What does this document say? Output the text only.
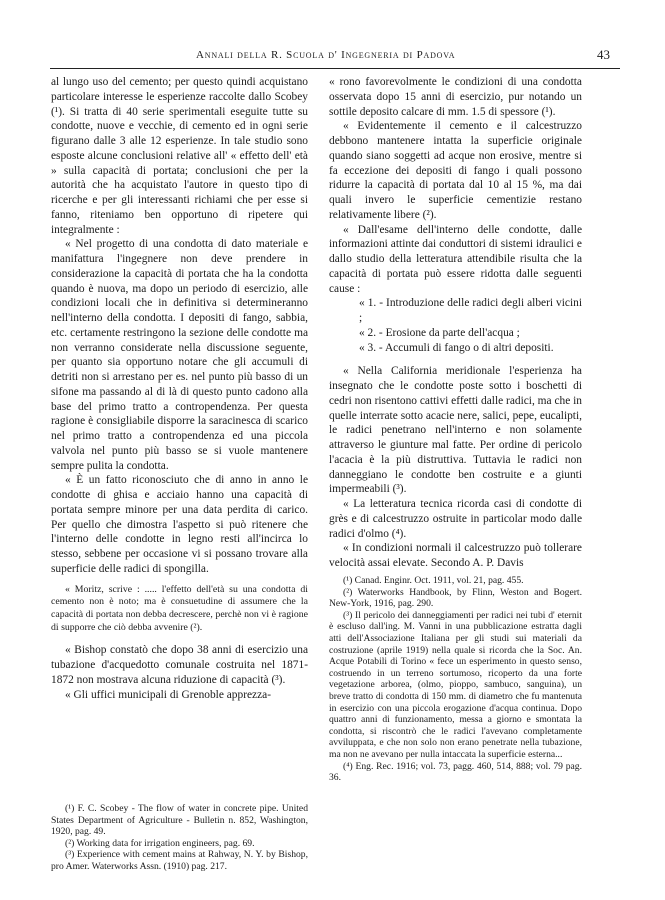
Annali della R. Scuola d' Ingegneria di Padova	43

al lungo uso del cemento; per questo quindi acquistano particolare interesse le esperienze raccolte dallo Scobey (¹). Si tratta di 40 serie sperimentali eseguite tutte su condotte, nuove e vecchie, di cemento ed in ogni serie figurano dalle 3 alle 12 esperienze. In tale studio sono esposte alcune conclusioni relative all' « effetto dell' età » sulla capacità di portata; conclusioni che per la autorità che ha acquistato l'autore in questo tipo di ricerche e per gli interessanti richiami che per esse si fanno, riteniamo ben opportuno di ripetere qui integralmente :

« Nel progetto di una condotta di dato materiale e manifattura l'ingegnere non deve prendere in considerazione la capacità di portata che ha la condotta quando è nuova, ma dopo un periodo di esercizio, alle condizioni locali che in definitiva si determineranno nell'interno della condotta. I depositi di fango, sabbia, etc. certamente restringono la sezione delle condotte ma non verranno considerate nella discussione seguente, per quanto sia opportuno notare che gli accumuli di detriti non si arrestano per es. nel punto più basso di un sifone ma passando al di là di questo punto cadono alla base del primo tratto a contropendenza. Per questa ragione è consigliabile disporre la saracinesca di scarico nel primo tratto a contropendenza ed una piccola valvola nel punto più basso se si vuole mantenere sempre pulita la condotta.

« È un fatto riconosciuto che di anno in anno le condotte di ghisa e acciaio hanno una capacità di portata sempre minore per una data perdita di carico. Per quello che dimostra l'aspetto si può ritenere che l'interno delle condotte in legno resti all'incirca lo stesso, sebbene per occasione vi si possano trovare alla superficie delle radici di spongilla.

« Moritz, scrive : ..... l'effetto dell'età su una condotta di cemento non è noto; ma è consuetudine di assumere che la capacità di portata non debba decrescere, perchè non vi è ragione di supporre che ciò debba avvenire (²).

« Bishop constatò che dopo 38 anni di esercizio una tubazione d'acquedotto comunale costruita nel 1871-1872 non mostrava alcuna riduzione di capacità (³).

« Gli uffici municipali di Grenoble apprezza-

(¹) F. C. Scobey - The flow of water in concrete pipe. United States Department of Agriculture - Bulletin n. 852, Washington, 1920, pag. 49.

(²) Working data for irrigation engineers, pag. 69.

(³) Experience with cement mains at Rahway, N. Y. by Bishop, pro Amer. Waterworks Assn. (1910) pag. 217.

« rono favorevolmente le condizioni di una condotta osservata dopo 15 anni di esercizio, pur notando un sottile deposito calcare di mm. 1.5 di spessore (¹).

« Evidentemente il cemento e il calcestruzzo debbono mantenere intatta la superficie originale quando siano soggetti ad acque non erosive, mentre si fa eccezione dei depositi di fango i quali possono ridurre la capacità di portata dal 10 al 15 %, ma dai quali invero le superficie cementizie restano relativamente libere (²).

« Dall'esame dell'interno delle condotte, dalle informazioni attinte dai conduttori di sistemi idraulici e dallo studio della letteratura attendibile risulta che la capacità di portata può essere ridotta dalle seguenti cause :

« 1. - Introduzione delle radici degli alberi vicini ;
« 2. - Erosione da parte dell'acqua ;
« 3. - Accumuli di fango o di altri depositi.

« Nella California meridionale l'esperienza ha insegnato che le condotte poste sotto i boschetti di cedri non risentono cattivi effetti dalle radici, ma che in quelle interrate sotto acacie nere, salici, pepe, eucalipti, le radici penetrano nell'interno e non solamente attraverso le giunture mal fatte. Per ordine di pericolo l'acacia è la più distruttiva. Tuttavia le radici non danneggiano le condotte ben costruite e a giunti impermeabili (³).

« La letteratura tecnica ricorda casi di condotte di grès e di calcestruzzo ostruite in particolar modo dalle radici d'olmo (⁴).

« In condizioni normali il calcestruzzo può tollerare velocità assai elevate. Secondo A. P. Davis

(¹) Canad. Enginr. Oct. 1911, vol. 21, pag. 455.

(²) Waterworks Handbook, by Flinn, Weston and Bogert. New-York, 1916, pag. 290.

(³) Il pericolo dei danneggiamenti per radici nei tubi d' eternit è escluso dall'ing. M. Vanni in una pubblicazione estratta dagli atti dell'Associazione Italiana per gli studi sui materiali da costruzione (aprile 1919) nella quale si ricorda che la Soc. An. Acque Potabili di Torino « fece un esperimento in questo senso, costruendo in un terreno sortumoso, ricoperto da una forte vegetazione arborea, (olmo, pioppo, sambuco, sanguina), un breve tratto di condotta di 150 mm. di diametro che fu mantenuta in esercizio con una piccola erogazione d'acqua continua. Dopo quattro anni di funzionamento, messa a giorno e smontata la condotta, si riscontrò che le radici l'avevano completamente avviluppata, e che non solo non erano penetrate nella tubazione, ma non ne avevano per nulla intaccata la superficie esterna...

(⁴) Eng. Rec. 1916; vol. 73, pagg. 460, 514, 888; vol. 79 pag. 36.
